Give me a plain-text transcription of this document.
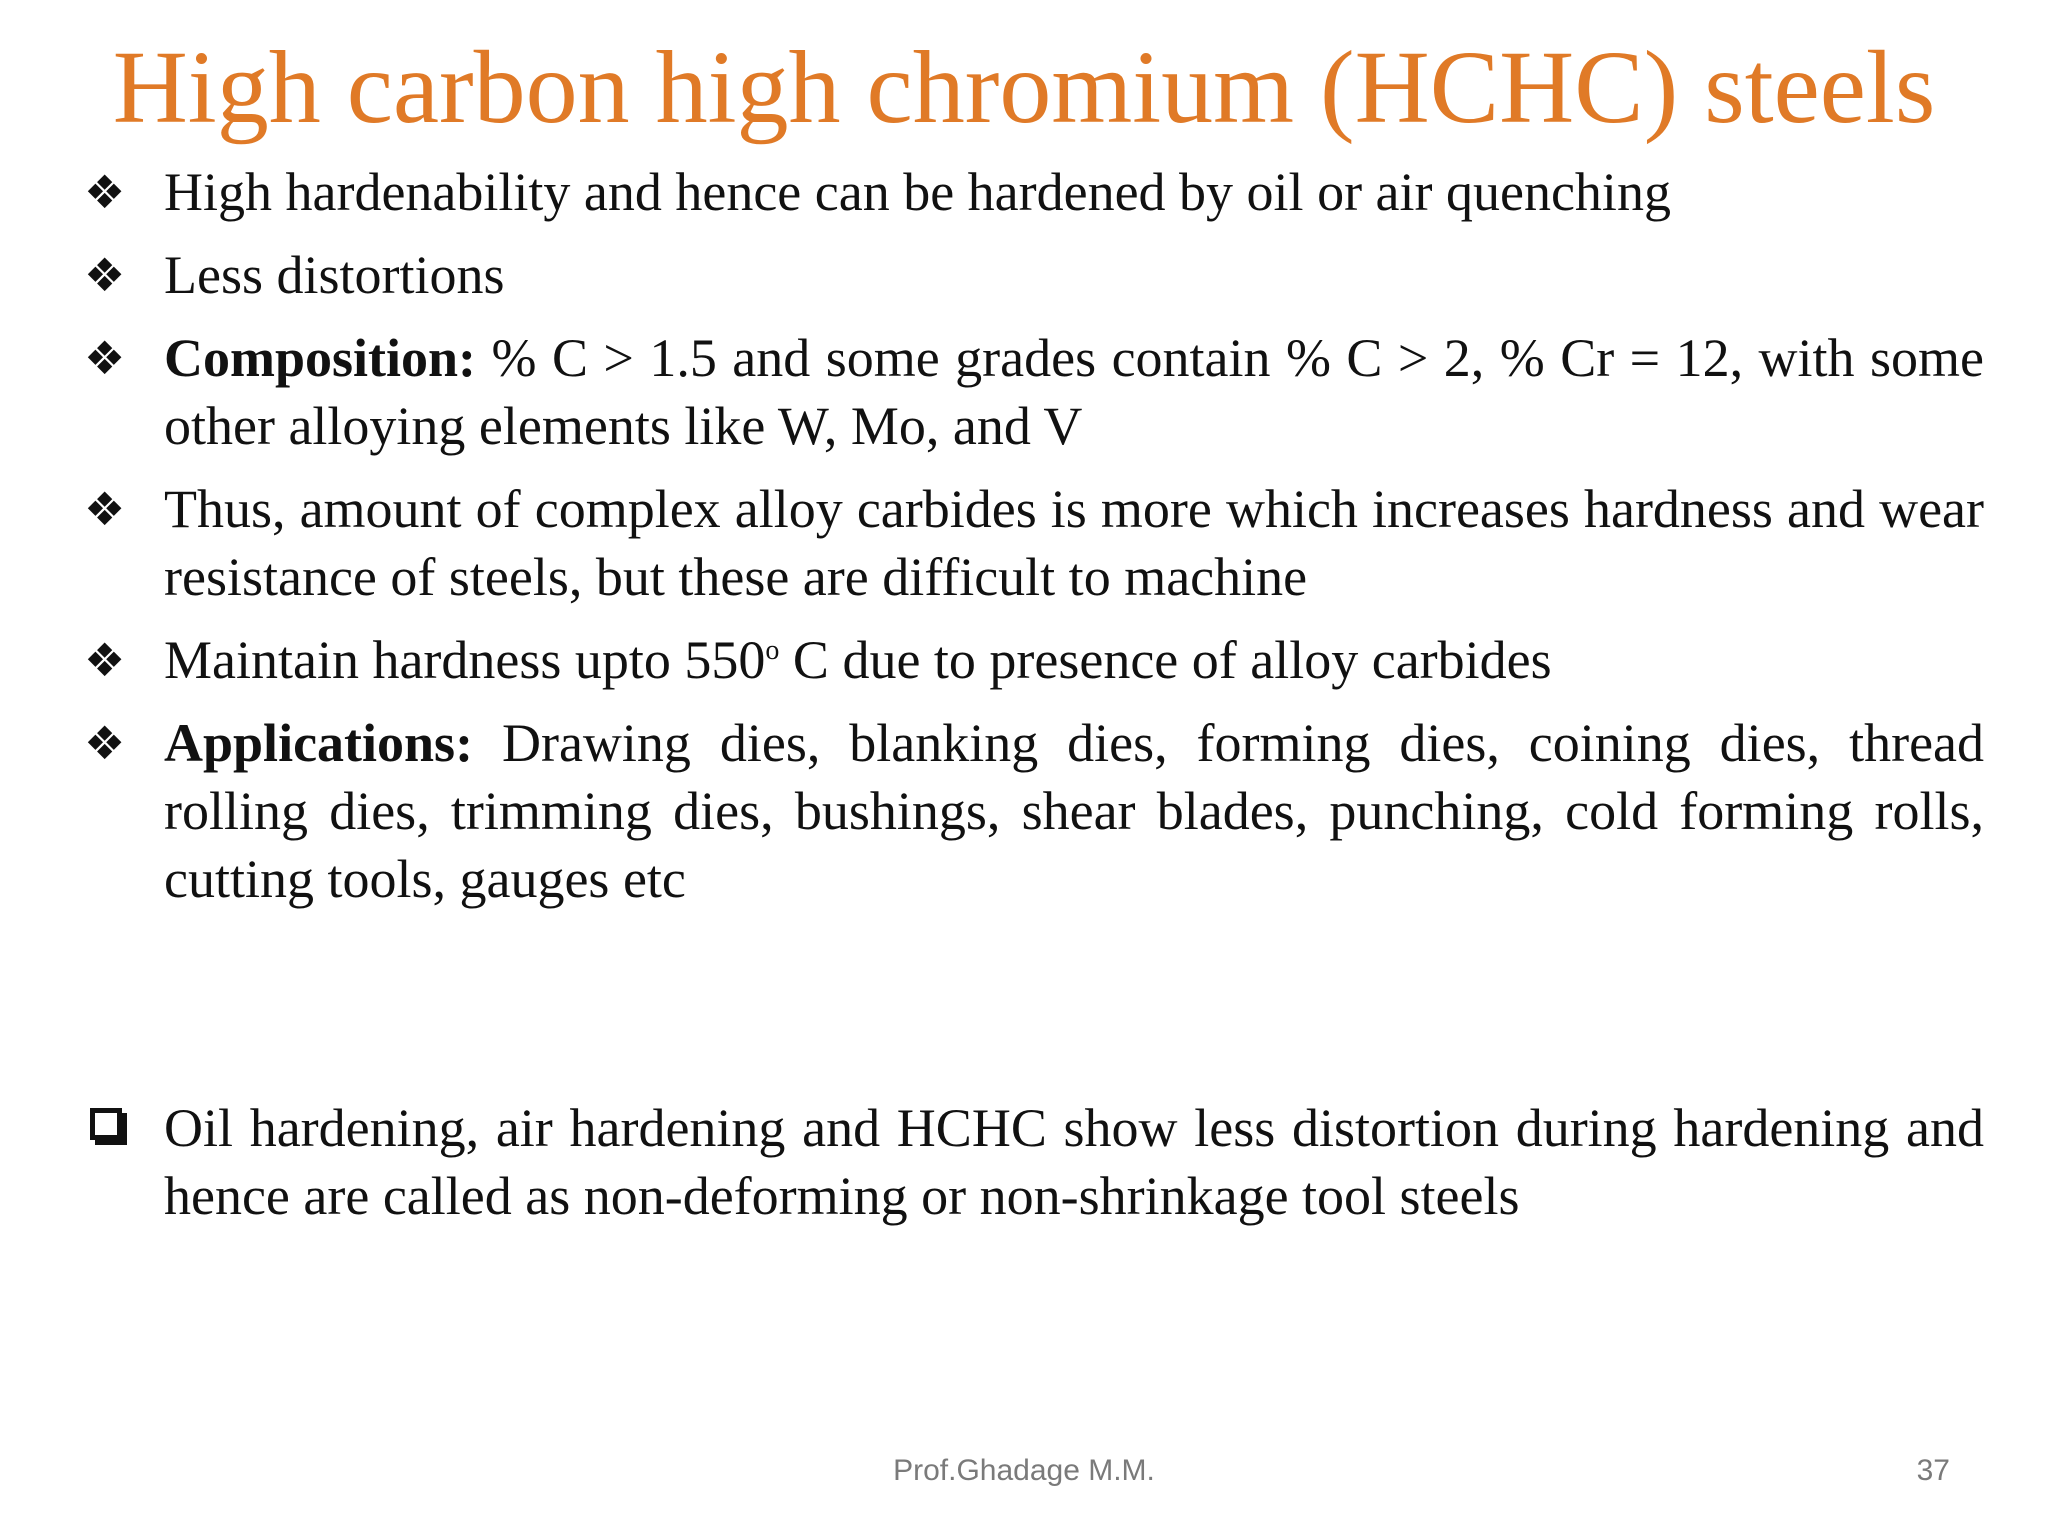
High carbon high chromium (HCHC) steels
❖ High hardenability and hence can be hardened by oil or air quenching
❖ Less distortions
❖ Composition: % C > 1.5 and some grades contain % C > 2, % Cr = 12, with some other alloying elements like W, Mo, and V
❖ Thus, amount of complex alloy carbides is more which increases hardness and wear resistance of steels, but these are difficult to machine
❖ Maintain hardness upto 550$^o$ C due to presence of alloy carbides
❖ Applications: Drawing dies, blanking dies, forming dies, coining dies, thread rolling dies, trimming dies, bushings, shear blades, punching, cold forming rolls, cutting tools, gauges etc
Oil hardening, air hardening and HCHC show less distortion during hardening and hence are called as non-deforming or non-shrinkage tool steels
Prof.Ghadage M.M.	37
